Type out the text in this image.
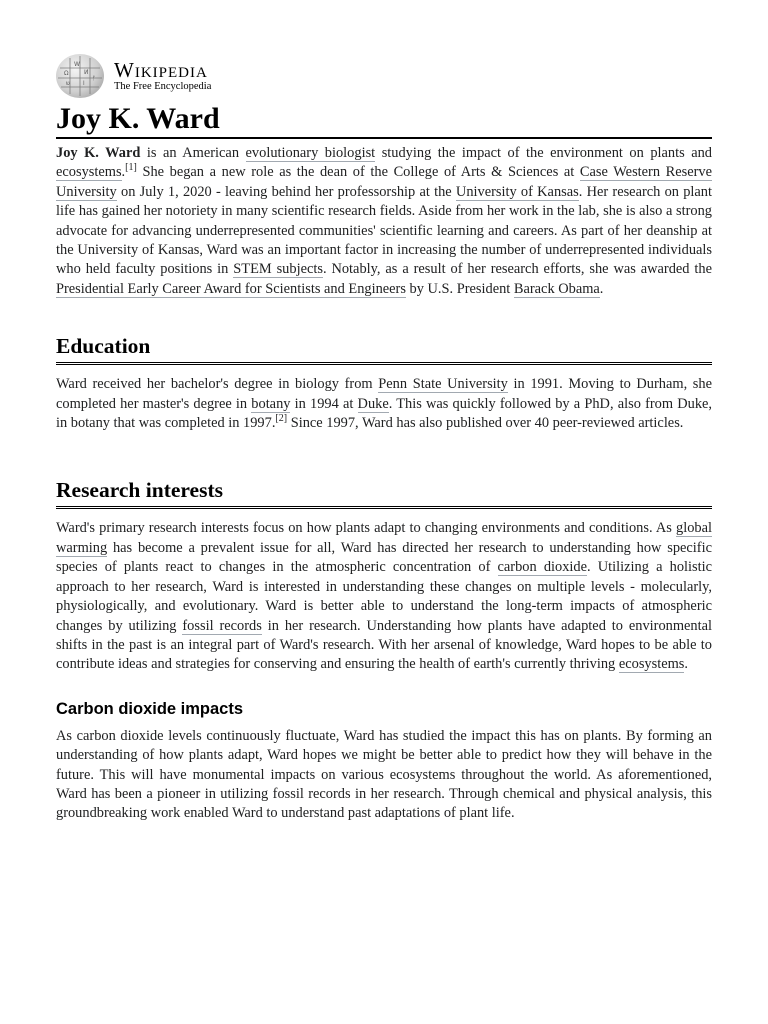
Ω
W
И
ש ا
ᚠ Wikipedia
The Free Encyclopedia
Joy K. Ward

Joy K. Ward is an American evolutionary biologist studying the impact of the environment on plants and ecosystems.[1] She began a new role as the dean of the College of Arts & Sciences at Case Western Reserve University on July 1, 2020 - leaving behind her professorship at the University of Kansas. Her research on plant life has gained her notoriety in many scientific research fields. Aside from her work in the lab, she is also a strong advocate for advancing underrepresented communities' scientific learning and careers. As part of her deanship at the University of Kansas, Ward was an important factor in increasing the number of underrepresented individuals who held faculty positions in STEM subjects. Notably, as a result of her research efforts, she was awarded the Presidential Early Career Award for Scientists and Engineers by U.S. President Barack Obama.

Education

Ward received her bachelor's degree in biology from Penn State University in 1991. Moving to Durham, she completed her master's degree in botany in 1994 at Duke. This was quickly followed by a PhD, also from Duke, in botany that was completed in 1997.[2] Since 1997, Ward has also published over 40 peer-reviewed articles.

Research interests

Ward's primary research interests focus on how plants adapt to changing environments and conditions. As global warming has become a prevalent issue for all, Ward has directed her research to understanding how specific species of plants react to changes in the atmospheric concentration of carbon dioxide. Utilizing a holistic approach to her research, Ward is interested in understanding these changes on multiple levels - molecularly, physiologically, and evolutionary. Ward is better able to understand the long-term impacts of atmospheric changes by utilizing fossil records in her research. Understanding how plants have adapted to environmental shifts in the past is an integral part of Ward's research. With her arsenal of knowledge, Ward hopes to be able to contribute ideas and strategies for conserving and ensuring the health of earth's currently thriving ecosystems.

Carbon dioxide impacts

As carbon dioxide levels continuously fluctuate, Ward has studied the impact this has on plants. By forming an understanding of how plants adapt, Ward hopes we might be better able to predict how they will behave in the future. This will have monumental impacts on various ecosystems throughout the world. As aforementioned, Ward has been a pioneer in utilizing fossil records in her research. Through chemical and physical analysis, this groundbreaking work enabled Ward to understand past adaptations of plant life.
